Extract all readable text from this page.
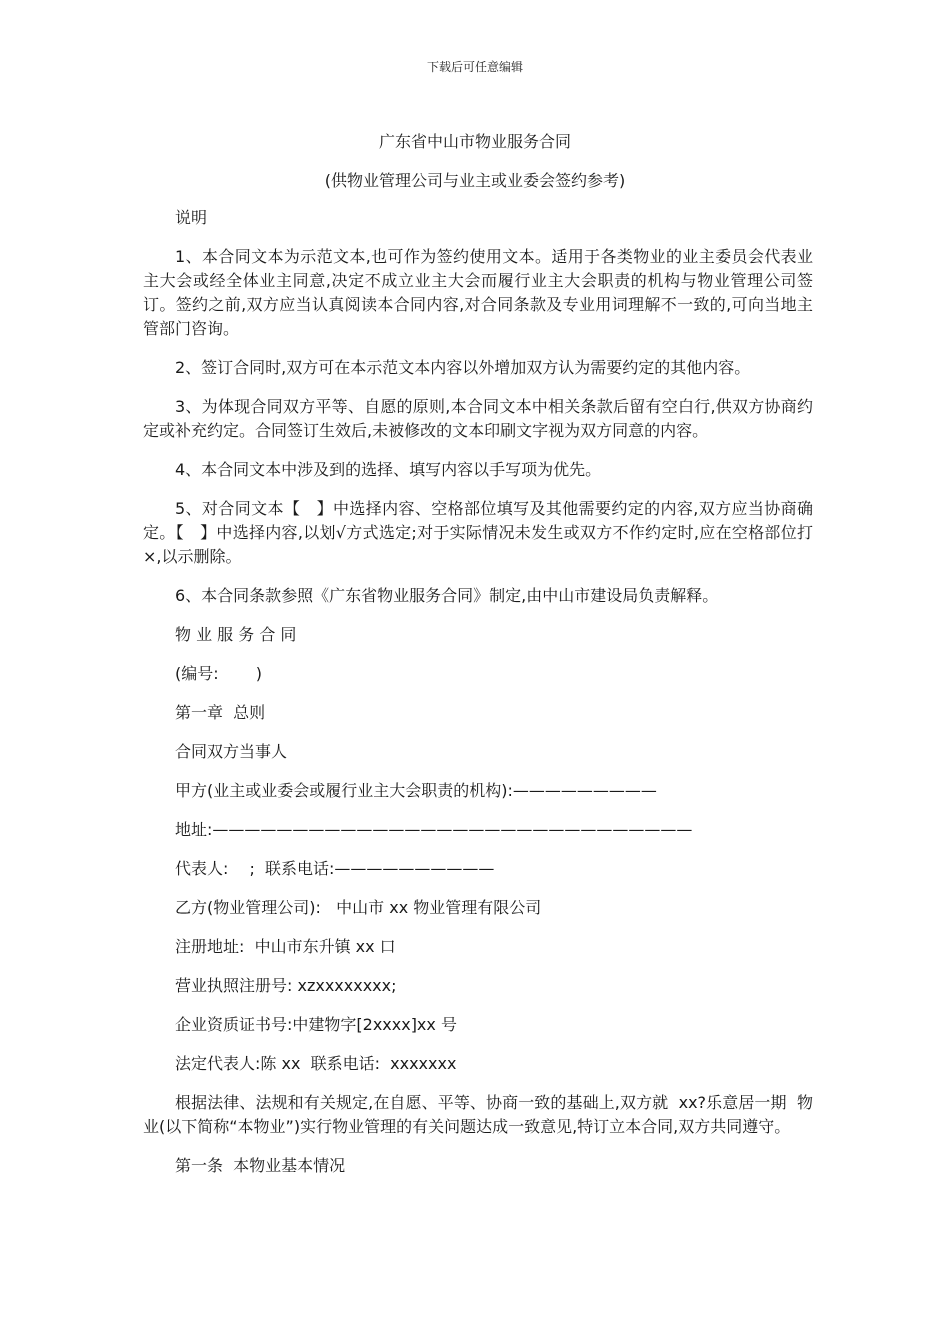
下载后可任意编辑
广东省中山市物业服务合同
(供物业管理公司与业主或业委会签约参考)

说明

1、本合同文本为示范文本,也可作为签约使用文本。适用于各类物业的业主委员会代表业主大会或经全体业主同意,决定不成立业主大会而履行业主大会职责的机构与物业管理公司签订。签约之前,双方应当认真阅读本合同内容,对合同条款及专业用词理解不一致的,可向当地主管部门咨询。

2、签订合同时,双方可在本示范文本内容以外增加双方认为需要约定的其他内容。

3、为体现合同双方平等、自愿的原则,本合同文本中相关条款后留有空白行,供双方协商约定或补充约定。合同签订生效后,未被修改的文本印刷文字视为双方同意的内容。

4、本合同文本中涉及到的选择、填写内容以手写项为优先。

5、对合同文本【　】中选择内容、空格部位填写及其他需要约定的内容,双方应当协商确定。【　】中选择内容,以划√方式选定;对于实际情况未发生或双方不作约定时,应在空格部位打×,以示删除。

6、本合同条款参照《广东省物业服务合同》制定,由中山市建设局负责解释。

物 业 服 务 合 同

(编号:　　 )

第一章  总则

合同双方当事人

甲方(业主或业委会或履行业主大会职责的机构):—————————

地址:——————————————————————————————

代表人:　 ;  联系电话:——————————

乙方(物业管理公司):   中山市 xx 物业管理有限公司

注册地址:  中山市东升镇 xx 口

营业执照注册号: xzxxxxxxxx;

企业资质证书号:中建物字[2xxxx]xx 号

法定代表人:陈 xx  联系电话:  xxxxxxx

根据法律、法规和有关规定,在自愿、平等、协商一致的基础上,双方就  xx?乐意居一期  物业(以下简称“本物业”)实行物业管理的有关问题达成一致意见,特订立本合同,双方共同遵守。

第一条  本物业基本情况
